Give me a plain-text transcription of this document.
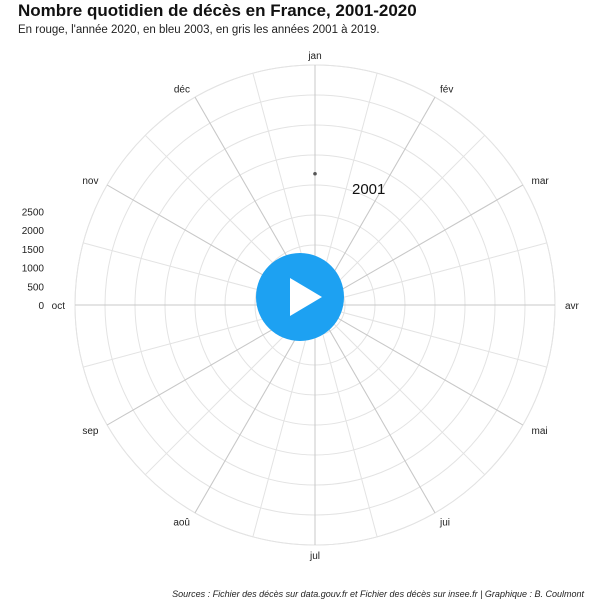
Nombre quotidien de décès en France, 2001-2020
En rouge, l'année 2020, en bleu 2003, en gris les années 2001 à 2019.
jan
fév
mar
avr
mai
jui
jul
aoû
sep
oct
nov
déc
0
500
1000
1500
2000
2500
2001
Sources : Fichier des décès sur data.gouv.fr et Fichier des décès sur insee.fr | Graphique : B. Coulmont
